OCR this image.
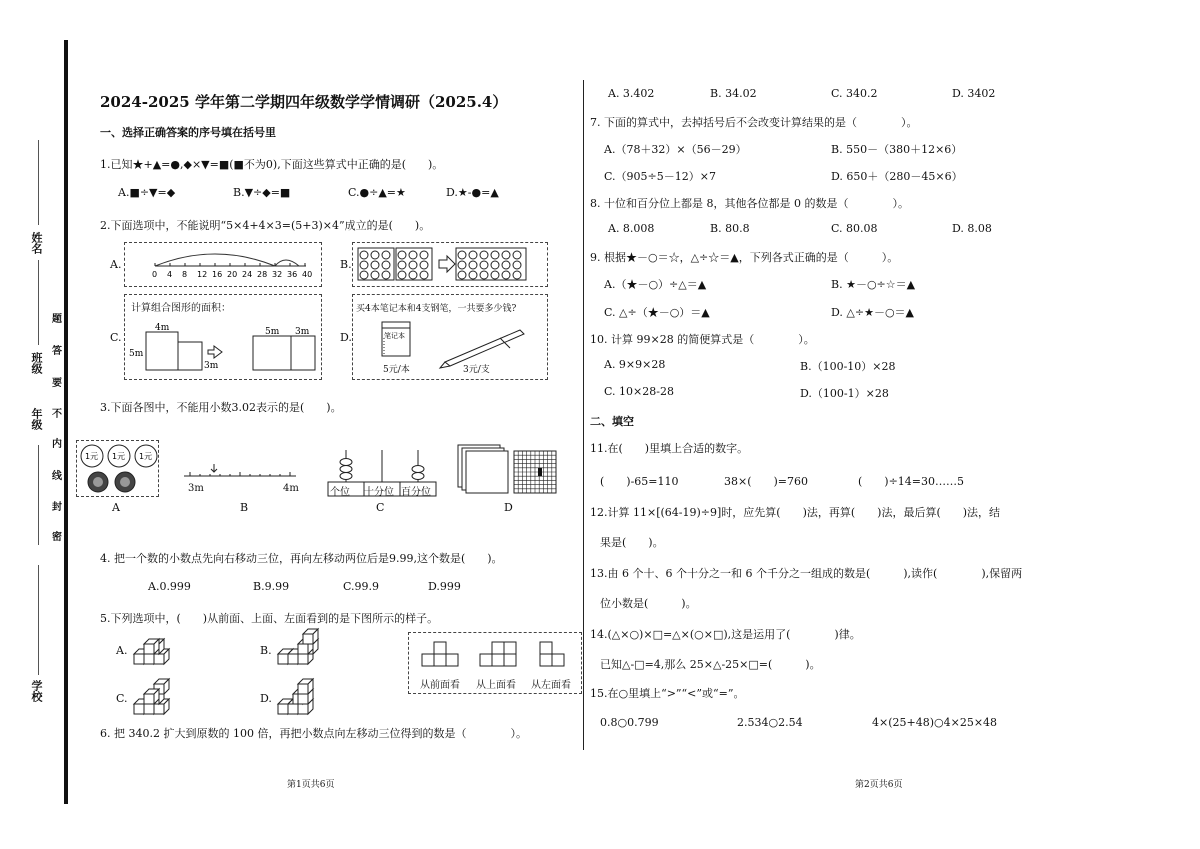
姓名
班级
年级
学校
密
封
线
内
不
要
答
题
2024-2025 学年第二学期四年级数学学情调研（2025.4）
一、选择正确答案的序号填在括号里
1.已知★+▲=●,◆×▼=■(■不为0),下面这些算式中正确的是(　　)。
A.■÷▼=◆	B.▼÷◆=■	C.●÷▲=★	D.★-●=▲
2.下面选项中，不能说明“5×4+4×3=(5+3)×4”成立的是(　　)。
A.
0 4 8 12 16 20 24 28 32 36 40
B.
C.
计算组合图形的面积：
4m
5m
3m
5m 3m	D.
买4本笔记本和4支钢笔，一共要多少钱?
笔记本
5元/本	3元/支
3.下面各图中，不能用小数3.02表示的是(　　)。
1元 1元 1元
3m	4m	个位 十分位 百分位
A	B	C	D
4. 把一个数的小数点先向右移动三位，再向左移动两位后是9.99,这个数是(　　)。
A.0.999	B.9.99	C.99.9	D.999
5.下列选项中，(　　)从前面、上面、左面看到的是下图所示的样子。
A.	B.
C.	D.
从前面看 从上面看 从左面看
6. 把 340.2 扩大到原数的 100 倍，再把小数点向左移动三位得到的数是（　　　　）。
第1页共6页
A. 3.402	B. 34.02	C. 340.2	D. 3402
7. 下面的算式中，去掉括号后不会改变计算结果的是（　　　　）。
A.（78＋32）×（56－29）	B. 550－（380＋12×6）
C.（905÷5－12）×7	D. 650＋（280－45×6）
8. 十位和百分位上都是 8，其他各位都是 0 的数是（　　　　）。
A. 8.008	B. 80.8	C. 80.08	D. 8.08
9. 根据★－○＝☆，△÷☆＝▲，下列各式正确的是（　　　）。
A.（★－○）÷△＝▲	B. ★－○÷☆＝▲
C. △÷（★－○）＝▲	D. △÷★－○＝▲
10. 计算 99×28 的简便算式是（　　　　）。
A. 9×9×28	B.（100-10）×28
C. 10×28-28	D.（100-1）×28
二、填空
11.在(　　)里填上合适的数字。
(　　)-65=110	38×(　　)=760	(　　)÷14=30……5
12.计算 11×[(64-19)÷9]时，应先算(　　)法，再算(　　)法，最后算(　　)法，结
果是(　　)。
13.由 6 个十、6 个十分之一和 6 个千分之一组成的数是(　　　),读作(　　　　),保留两
位小数是(　　　)。
14.(△×○)×□=△×(○×□),这是运用了(　　　　)律。
已知△-□=4,那么 25×△-25×□=(　　　)。
15.在○里填上“>”“<”或“=”。
0.8○0.799	2.534○2.54	4×(25+48)○4×25×48
第2页共6页
